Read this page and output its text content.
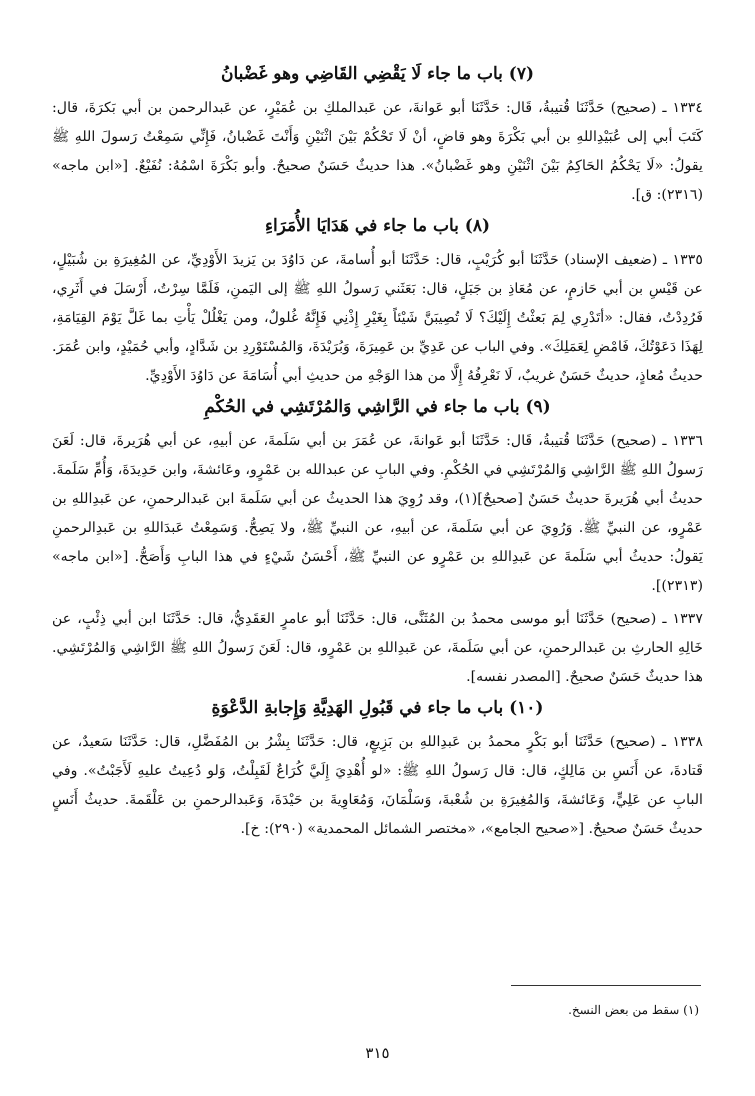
(٧) باب ما جاء لَا يَقْضِي القَاضِي وهو غَضْبانُ

١٣٣٤ ـ (صحيح) حَدَّثَنَا قُتيبةُ، قَال: حَدَّثَنَا أبو عَوانةَ، عن عَبدالملكِ بن عُمَيْرٍ، عن عَبدالرحمن بن أبي بَكرَةَ، قال: كَتَبَ أبي إلى عُبَيْدِاللهِ بن أبي بَكْرَةَ وهو قاضٍ، أنْ لَا تَحْكُمْ بَيْنَ اثْنَيْنِ وَأَنْتَ غَضْبانُ، فَإِنِّي سَمِعْتُ رَسولَ اللهِ ﷺ يقولُ: «لَا يَحْكُمُ الحَاكِمُ بَيْنَ اثْنَيْنِ وهو غَضْبانُ». هذا حديثٌ حَسَنٌ صحيحٌ. وأبو بَكْرَةَ اسْمُهُ: نُفَيْعٌ. [«ابن ماجه» (٢٣١٦): ق].

(٨) باب ما جاء في هَدَايَا الأُمَرَاءِ

١٣٣٥ ـ (ضعيف الإسناد) حَدَّثَنَا أبو كُرَيْبٍ، قال: حَدَّثَنَا أبو أُسامةَ، عن دَاوُدَ بن يَزيدَ الأَوْدِيِّ، عن المُغِيرَةِ بن شُبَيْلٍ، عن قَيْسِ بن أبي حَازمٍ، عن مُعَاذِ بن جَبَلٍ، قال: بَعَثَني رَسولُ اللهِ ﷺ إلى اليَمنِ، فَلَمَّا سِرْتُ، أَرْسَلَ في أَثَرِي، فَرُدِدْتُ، فقال: «أتَدْرِي لِمَ بَعثْتُ إِلَيْكَ؟ لَا تُصِيبَنَّ شَيْئاً بِغَيْرِ إِذْنِي فَإِنَّهُ غُلولٌ، ومن يَغْلُلْ يَأْتِ بما غَلَّ يَوْمَ القِيَامَةِ، لِهَذَا دَعَوْتُكَ، فَامْضِ لِعَمَلِكَ». وفي الباب عن عَدِيِّ بن عَمِيرَةَ، وَبُرَيْدَةَ، وَالمُسْتَوْرِدِ بن شَدَّادٍ، وأبي حُمَيْدٍ، وابن عُمَرَ. حديثُ مُعاذٍ، حديثٌ حَسَنٌ غريبٌ، لَا نَعْرِفُهُ إِلَّا من هذا الوَجْهِ من حديثِ أبي أُسَامَةَ عن دَاوُدَ الأَوْدِيِّ.

(٩) باب ما جاء في الرَّاشِي وَالمُرْتَشِي في الحُكْمِ

١٣٣٦ ـ (صحيح) حَدَّثَنَا قُتيبةُ، قَال: حَدَّثَنَا أبو عَوانةَ، عن عُمَرَ بن أبي سَلَمةَ، عن أبيهِ، عن أبي هُرَيرةَ، قال: لَعَنَ رَسولُ اللهِ ﷺ الرَّاشِي وَالمُرْتَشِي في الحُكْمِ. وفي البابِ عن عبدالله بن عَمْرٍو، وعَائشةَ، وابن حَدِيدَةَ، وَأُمِّ سَلَمةَ. حديثُ أبي هُرَيرةَ حديثٌ حَسَنٌ [صحيحٌ](١)، وقد رُوِيَ هذا الحديثُ عن أبي سَلَمةَ ابن عَبدالرحمنِ، عن عَبدِاللهِ بن عَمْرٍو، عن النبيِّ ﷺ. وَرُوِيَ عن أبي سَلَمةَ، عن أبيهِ، عن النبيِّ ﷺ، ولا يَصِحُّ. وَسَمِعْتُ عَبدَاللهِ بن عَبدِالرحمنِ يَقولُ: حديثُ أبي سَلَمةَ عن عَبدِاللهِ بن عَمْرٍو عن النبيِّ ﷺ، أَحْسَنُ شَيْءٍ في هذا البابِ وَأَصَحُّ. [«ابن ماجه» (٢٣١٣)].

١٣٣٧ ـ (صحيح) حَدَّثَنَا أبو موسى محمدُ بن المُثَنَّى، قال: حَدَّثَنَا أبو عامرٍ العَقَدِيُّ، قال: حَدَّثَنَا ابن أبي ذِئْبٍ، عن خَالِهِ الحارثِ بن عَبدالرحمنِ، عن أبي سَلَمةَ، عن عَبدِاللهِ بن عَمْرٍو، قال: لَعَنَ رَسولُ اللهِ ﷺ الرَّاشِي وَالمُرْتَشِي. هذا حديثٌ حَسَنٌ صحيحٌ. [المصدر نفسه].

(١٠) باب ما جاء في قَبُولِ الهَدِيَّةِ وَإِجابةِ الدَّعْوَةِ

١٣٣٨ ـ (صحيح) حَدَّثَنَا أبو بَكْرٍ محمدُ بن عَبدِاللهِ بن بَزِيعٍ، قال: حَدَّثَنَا بِشْرُ بن المُفَضَّلِ، قال: حَدَّثَنَا سَعيدٌ، عن قَتادةَ، عن أَنَسِ بن مَالِكٍ، قال: قال رَسولُ اللهِ ﷺ: «لو أُهْدِيَ إِلَيَّ كُرَاعٌ لَقَبِلْتُ، وَلو دُعِيتُ عليهِ لَأَجَبْتُ». وفي البابِ عن عَلِيٍّ، وَعَائشةَ، وَالمُغِيرَةِ بن شُعْبةَ، وَسَلْمَانَ، وَمُعَاوِيةَ بن حَيْدَةَ، وَعَبدالرحمنِ بن عَلْقَمةَ. حديثُ أَنَسٍ حديثٌ حَسَنٌ صحيحٌ. [«صحيح الجامع»، «مختصر الشمائل المحمدية» (٢٩٠): خ].

(١) سقط من بعض النسخ.
٣١٥
